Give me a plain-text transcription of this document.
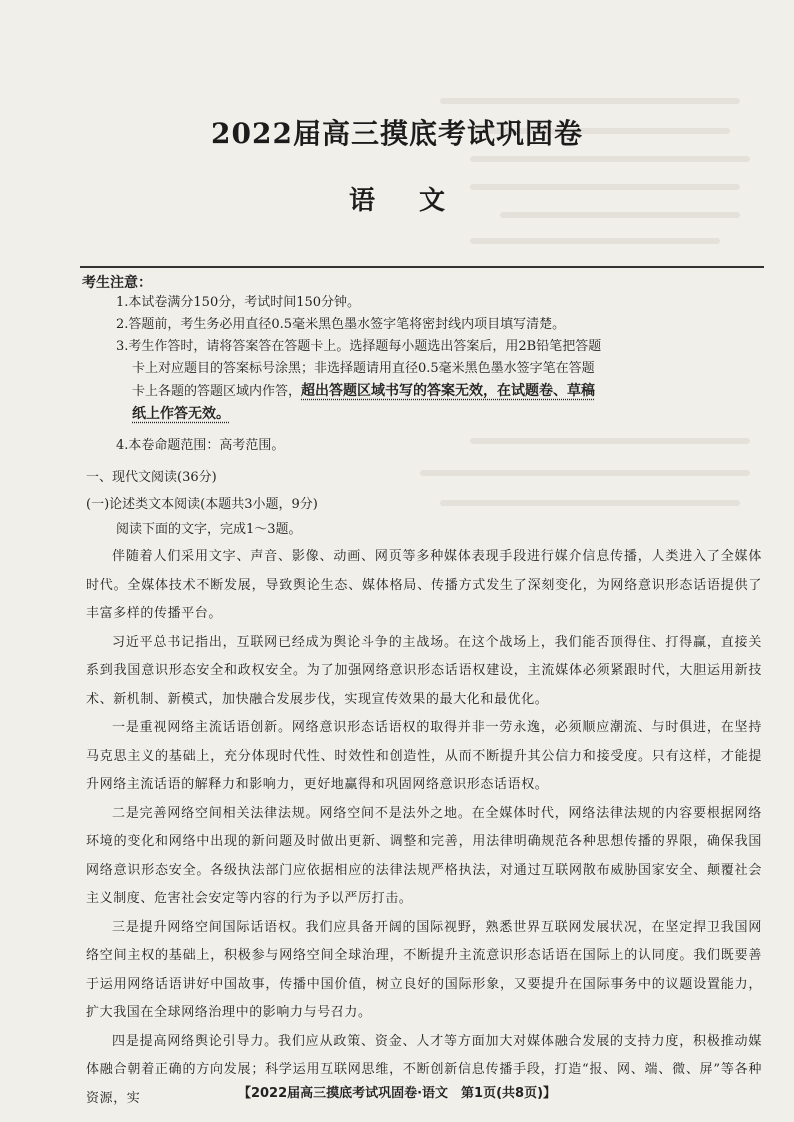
2022届高三摸底考试巩固卷
语文
考生注意：
1.本试卷满分150分，考试时间150分钟。
2.答题前，考生务必用直径0.5毫米黑色墨水签字笔将密封线内项目填写清楚。
3.考生作答时，请将答案答在答题卡上。选择题每小题选出答案后，用2B铅笔把答题
卡上对应题目的答案标号涂黑；非选择题请用直径0.5毫米黑色墨水签字笔在答题
卡上各题的答题区域内作答，超出答题区域书写的答案无效，在试题卷、草稿
纸上作答无效。
4.本卷命题范围：高考范围。
一、现代文阅读(36分)
(一)论述类文本阅读(本题共3小题，9分)
阅读下面的文字，完成1～3题。

伴随着人们采用文字、声音、影像、动画、网页等多种媒体表现手段进行媒介信息传播，人类进入了全媒体时代。全媒体技术不断发展，导致舆论生态、媒体格局、传播方式发生了深刻变化，为网络意识形态话语提供了丰富多样的传播平台。

习近平总书记指出，互联网已经成为舆论斗争的主战场。在这个战场上，我们能否顶得住、打得赢，直接关系到我国意识形态安全和政权安全。为了加强网络意识形态话语权建设，主流媒体必须紧跟时代，大胆运用新技术、新机制、新模式，加快融合发展步伐，实现宣传效果的最大化和最优化。

一是重视网络主流话语创新。网络意识形态话语权的取得并非一劳永逸，必须顺应潮流、与时俱进，在坚持马克思主义的基础上，充分体现时代性、时效性和创造性，从而不断提升其公信力和接受度。只有这样，才能提升网络主流话语的解释力和影响力，更好地赢得和巩固网络意识形态话语权。

二是完善网络空间相关法律法规。网络空间不是法外之地。在全媒体时代，网络法律法规的内容要根据网络环境的变化和网络中出现的新问题及时做出更新、调整和完善，用法律明确规范各种思想传播的界限，确保我国网络意识形态安全。各级执法部门应依据相应的法律法规严格执法，对通过互联网散布威胁国家安全、颠覆社会主义制度、危害社会安定等内容的行为予以严厉打击。

三是提升网络空间国际话语权。我们应具备开阔的国际视野，熟悉世界互联网发展状况，在坚定捍卫我国网络空间主权的基础上，积极参与网络空间全球治理，不断提升主流意识形态话语在国际上的认同度。我们既要善于运用网络话语讲好中国故事，传播中国价值，树立良好的国际形象，又要提升在国际事务中的议题设置能力，扩大我国在全球网络治理中的影响力与号召力。

四是提高网络舆论引导力。我们应从政策、资金、人才等方面加大对媒体融合发展的支持力度，积极推动媒体融合朝着正确的方向发展；科学运用互联网思维，不断创新信息传播手段，打造“报、网、端、微、屏”等各种资源，实	【2022届高三摸底考试巩固卷·语文　第1页(共8页)】
